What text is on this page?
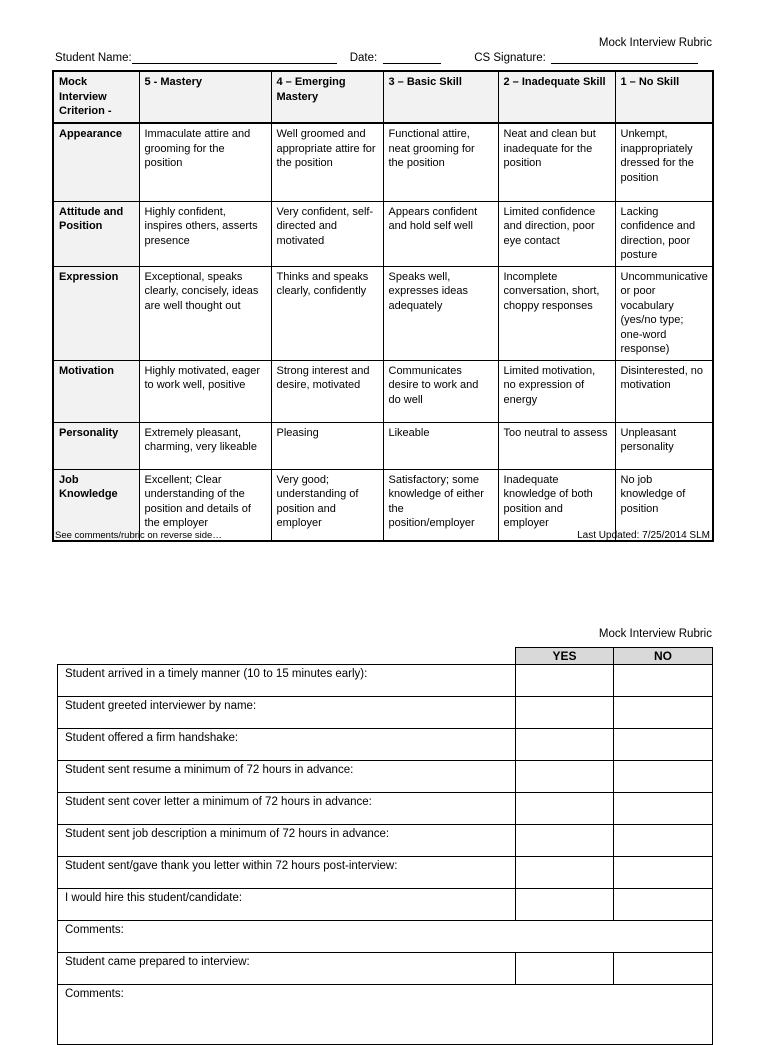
Mock Interview Rubric
Student Name:	Date:	CS Signature:
Mock Interview Criterion -	5 - Mastery	4 – Emerging Mastery	3 – Basic Skill	2 – Inadequate Skill	1 – No Skill
Appearance	Immaculate attire and grooming for the position	Well groomed and appropriate attire for the position	Functional attire, neat grooming for the position	Neat and clean but inadequate for the position	Unkempt, inappropriately dressed for the position
Attitude and Position	Highly confident, inspires others, asserts presence	Very confident, self-directed and motivated	Appears confident and hold self well	Limited confidence and direction, poor eye contact	Lacking confidence and direction, poor posture
Expression	Exceptional, speaks clearly, concisely, ideas are well thought out	Thinks and speaks clearly, confidently	Speaks well, expresses ideas adequately	Incomplete conversation, short, choppy responses	Uncommunicative or poor vocabulary (yes/no type; one-word response)
Motivation	Highly motivated, eager to work well, positive	Strong interest and desire, motivated	Communicates desire to work and do well	Limited motivation, no expression of energy	Disinterested, no motivation
Personality	Extremely pleasant, charming, very likeable	Pleasing	Likeable	Too neutral to assess	Unpleasant personality
Job Knowledge	Excellent; Clear understanding of the position and details of the employer	Very good; understanding of position and employer	Satisfactory; some knowledge of either the position/employer	Inadequate knowledge of both position and employer	No job knowledge of position
See comments/rubric on reverse side…	Last Updated: 7/25/2014 SLM
Mock Interview Rubric
	YES	NO
Student arrived in a timely manner (10 to 15 minutes early):		
Student greeted interviewer by name:		
Student offered a firm handshake:		
Student sent resume a minimum of 72 hours in advance:		
Student sent cover letter a minimum of 72 hours in advance:		
Student sent job description a minimum of 72 hours in advance:		
Student sent/gave thank you letter within 72 hours post-interview:		
I would hire this student/candidate:		
Comments:		
Student came prepared to interview:		
Comments:		
